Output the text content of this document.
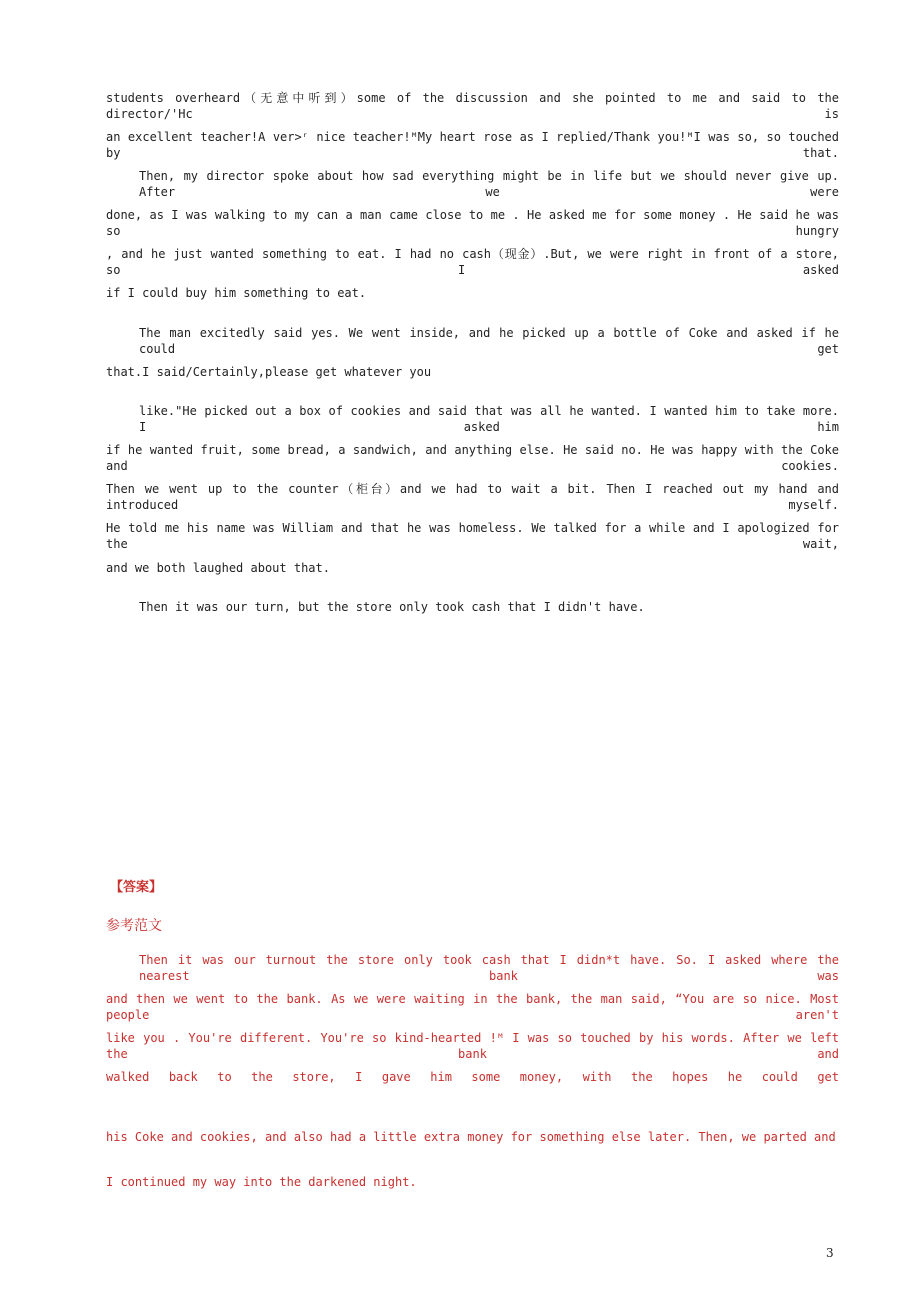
students overheard（无意中听到）some of the discussion and she pointed to me and said to the director/'Hc is
an excellent teacher!A ver>ʳ nice teacher!ᴹMy heart rose as I replied/Thank you!ᴹI was so, so touched by that.
Then, my director spoke about how sad everything might be in life but we should never give up. After we were
done, as I was walking to my can a man came close to me . He asked me for some money . He said he was so hungry
, and he just wanted something to eat. I had no cash（现金）.But, we were right in front of a store, so I asked
if I could buy him something to eat.
The man excitedly said yes. We went inside, and he picked up a bottle of Coke and asked if he could get
that.I said/Certainly,please get whatever you
like."He picked out a box of cookies and said that was all he wanted. I wanted him to take more. I asked him
if he wanted fruit, some bread, a sandwich, and anything else. He said no. He was happy with the Coke and cookies.
Then we went up to the counter（柜台）and we had to wait a bit. Then I reached out my hand and introduced myself.
He told me his name was William and that he was homeless. We talked for a while and I apologized for the wait,
and we both laughed about that.
Then it was our turn, but the store only took cash that I didn't have.
【答案】
参考范文
Then it was our turnout the store only took cash that I didn*t have. So. I asked where the nearest bank was
and then we went to the bank. As we were waiting in the bank, the man said, “You are so nice. Most people aren't
like you . You're different. You're so kind-hearted !ᴹ I was so touched by his words. After we left the bank and
walked back to the store, I gave him some money, with the hopes he could get
his Coke and cookies, and also had a little extra money for something else later. Then, we parted and
I continued my way into the darkened night.
3
